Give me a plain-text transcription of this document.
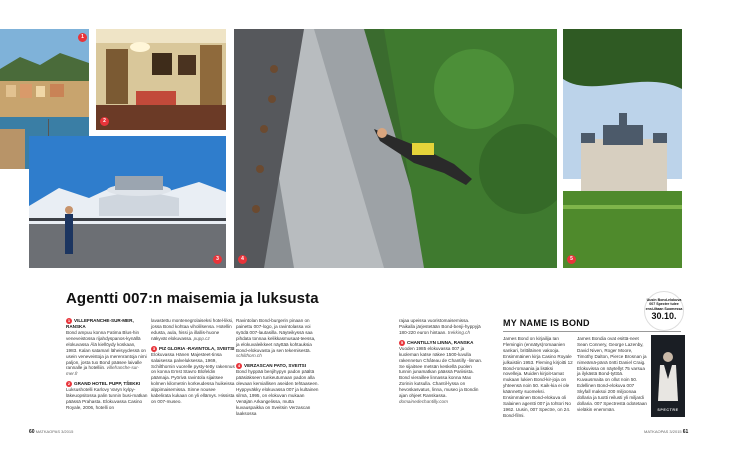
1
2
3	4	5
Agentti 007:n maisemia ja luksusta

1 VILLEFRANCHE-SUR-MER, RANSKA
Bond ampuu konna Fatima Blus-hin veneveistossa rijahdyspanos-kynällä elokuvassa Älä kiellöydy koskaan, 1983. Kalan satamari läheisyydessä on usein veneveistoja ja merenrantoja nimi paljon, josta tuo Bond pääsee laivalle rannalle ja hotelliin. villefranche-sur-mer.fr

2 GRAND HOTEL PUPP, TŠEKKI
Luksushotelli Karlovy Varyn kylpy-läkeuopsitossa palin tunnin busi-matkan päässä Prahasta. Elokuvassa Casino Royale, 2006, hotelli on

lavastettu montenegrolaiseksi hotel-liksi, jossa Bond kohtaa viholilsensa. Hotellin edusta, aula, hissi ja illallis-huone näkyvät elokuvassa. pupp.cz

3 PIZ GLORIA -RAVINTOLA, SVEITSI
Elokuvassa Hänen Majesteet-tinsa salaisessa palveluksessa, 1969, Schilthornin vuorelle pysty-tetty rakennus on konna Ernst Stavro Blofeldin päämaja. Pyörivä ravintola sijaitsee kolmen kilometrin korkeudessa huikeissa alppimaisemissa. Sinne nousee kabelirata kukaan on yli ellämys. Hissista on 007-museo.

Ravintolan Bond-burgerin pinaan on painettu 007-logo, ja ravintolassa voi syödä 007-lautasilla. Näyteikyssä saa pihdata tonnaa kelikkasmusaat-teessa, ja elokuvaleikkeet näyttää kohtauksia Bond-elokuvasta ja sen tekemisestä. schilthorn.ch

4 VERZASCAN PATO, SVEITSI
Bond hyppää benjihypyn padon päältä pääsiäkseen tunkeutumaan padon alla olevaan kemiallisen aseiden tehtaaseen. Hyppyväkky elokuvassa 007 ja kultainen silmä, 1995, on elokuvan mukaan Venäjän Arkangelissa, mutta kuvauspaikka on Sveitsin Verzascan laaksossa

rajaa upeissa vuoristomaisemissa. Paikalla järjestetään Bond-benji-hyppyjä 180-220 euron hintaan. trekking.ch

5 CHANTILLYN LINNA, RANSKA
Vuoden 1985 elokuvassa 007 ja kuoleman katse näkee 1500-luvulla rakennetun Château de Chantilly -linnan. Se sijaitsee metsän keskellä puolen tunnin junamatkan päässä Pariisista. Bond vieraillee linnassa konna Max Zorinin kutsulla. Chantil-lyssa on hevoskasvatus, linna, museo ja Bondin ajan ohjeet Ranskassa. domainedechantilly.com

MY NAME IS BOND

James Bond on kirjailija Ian Flemingin (ennätys)romaanien sankari, brittiläinen vakooja. Ensimmäinen kirja Casino Royale julkaistiin 1953. Fleming kirjoitti 12 Bond-romaania ja lisäksi novelleja. Muiden kirjoit-tamat mukaan lukien Bond-kir-joja on yhteensä noin 50. Kaik-kia ei ole käännetty suomeksi. Ensimmäinen Bond-elokuva oli Salainen agentti 007 ja tohtori No 1962. Uusin, 007 Spectre, on 24. Bond-filmi.

James Bondia ovat esittä-neet Sean Connery, George Lazenby, David Niven, Roger Moore, Timothy Dalton, Pierce Brosnan ja nimeämä-pänä öntti Daniel Craig. Elokuvissa on näytellyt 75 varsua ja ilykästä Bond-tyttöä. Kuvausmaita on ollut noin 50. Edellinen Bond-elokuva 007 Skyfall maksoi 200 miljoonaa dollaria ja tuotti reilusti yli miljardi dollaria. 007 Spectrestä odotetaan vieläkin enemmän.

Uusin Bond-elokuva 007 Spectre tulee ensi-iltaan Suomessa
30.10.
SPECTRE
60 MATKAOPAS 3/2015	MATKAOPAS 3/2015 61
